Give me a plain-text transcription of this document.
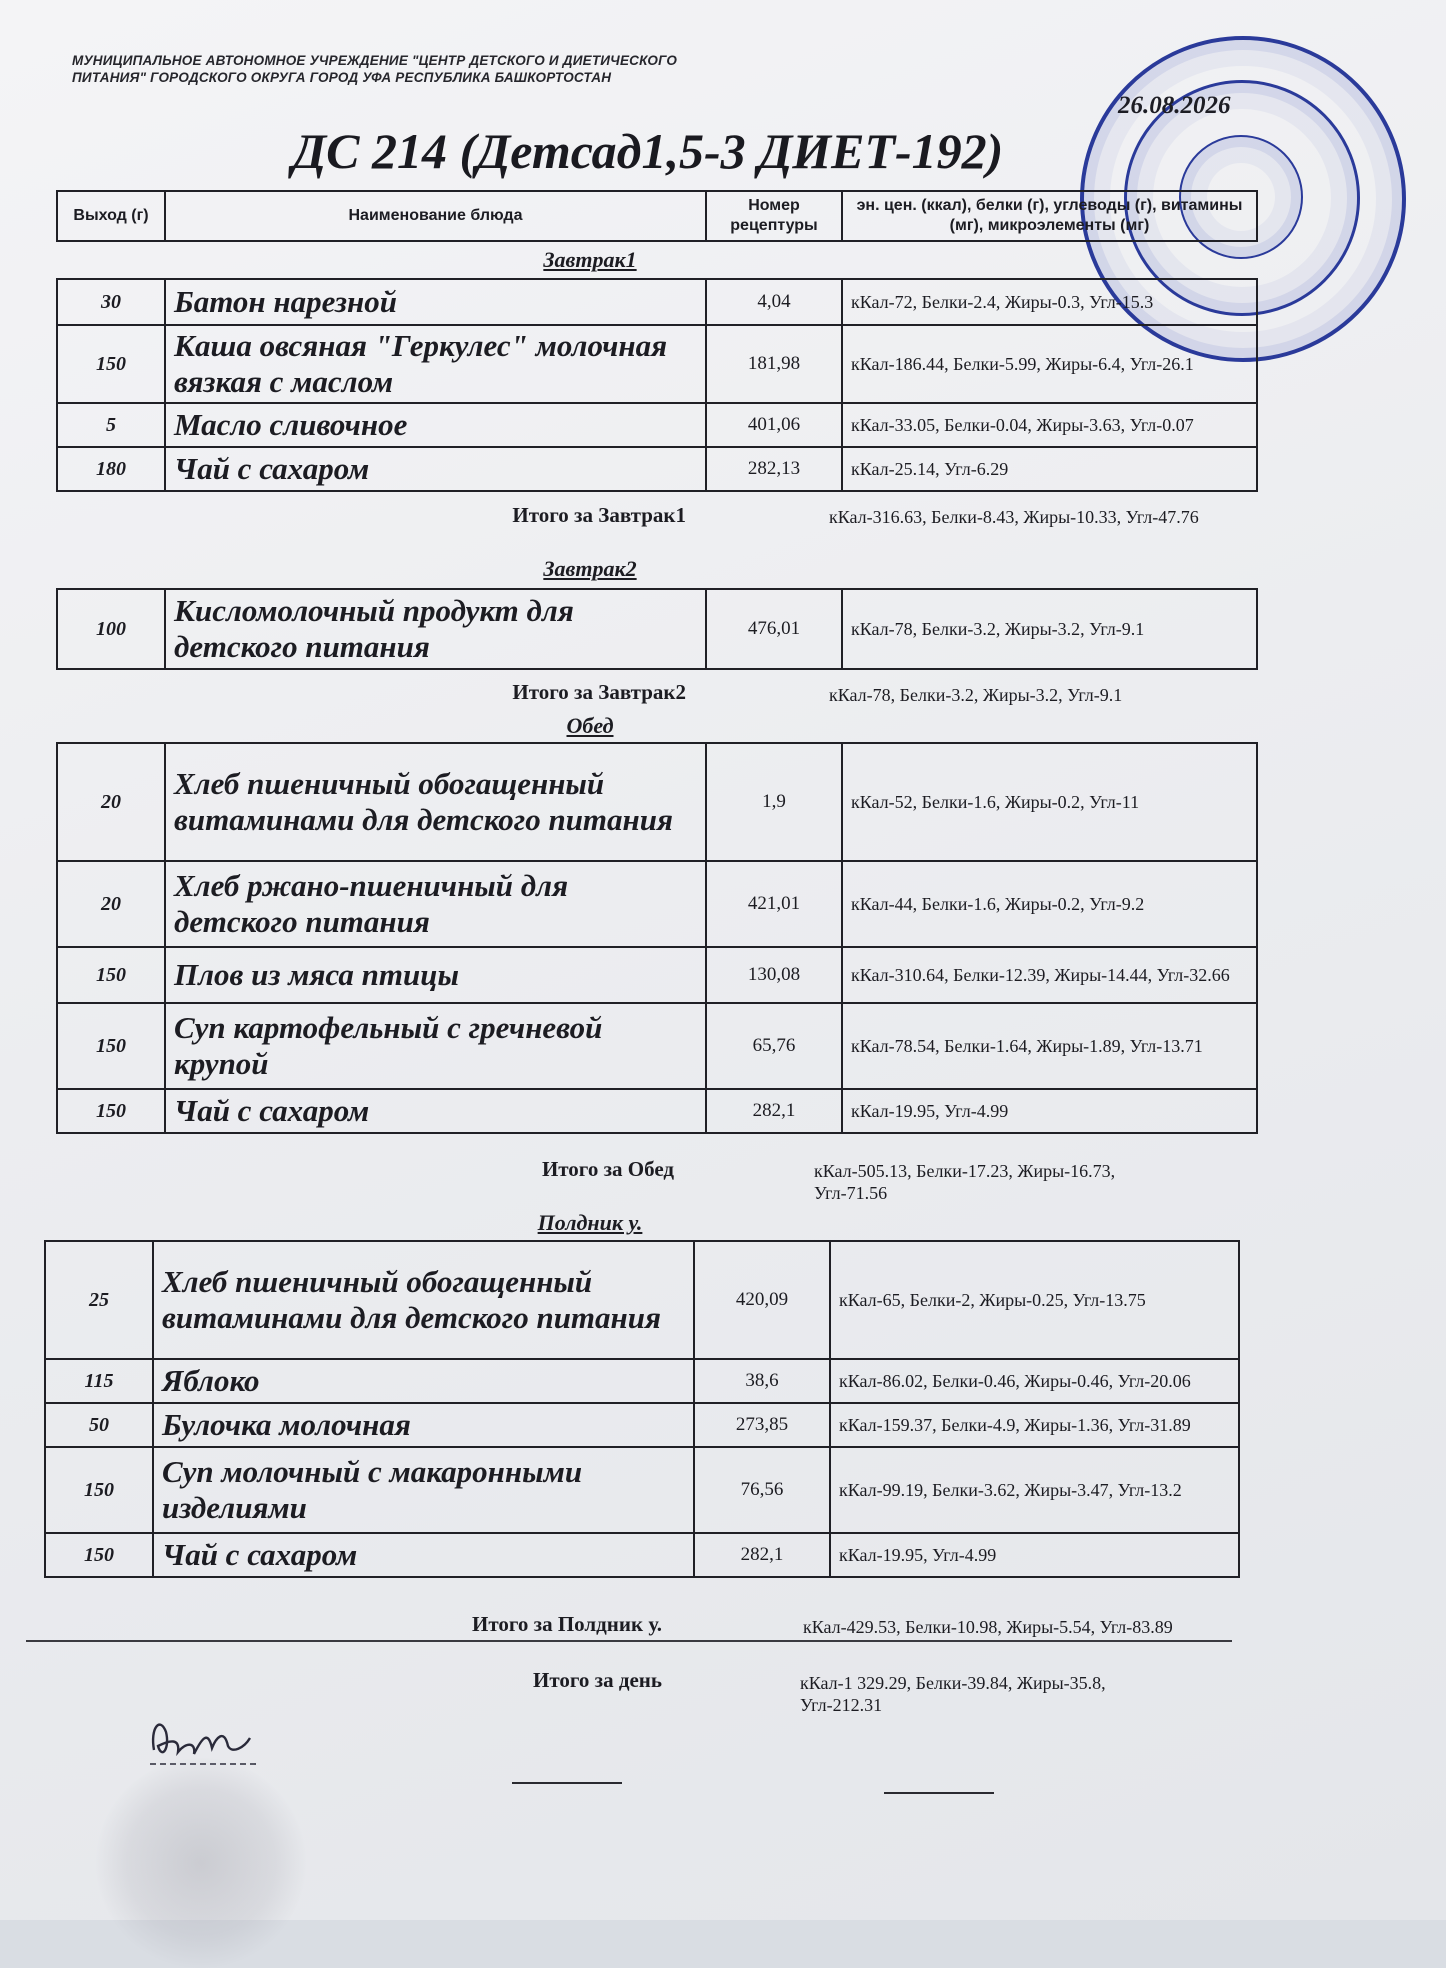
МУНИЦИПАЛЬНОЕ АВТОНОМНОЕ УЧРЕЖДЕНИЕ "ЦЕНТР ДЕТСКОГО И ДИЕТИЧЕСКОГО ПИТАНИЯ" ГОРОДСКОГО ОКРУГА ГОРОД УФА РЕСПУБЛИКА БАШКОРТОСТАН
26.08.2026
ДС 214 (Детсад1,5-3 ДИЕТ-192)
Выход (г)	Наименование блюда	Номер рецептуры	эн. цен. (ккал), белки (г), углеводы (г), витамины (мг), микроэлементы (мг)
Завтрак1
30	Батон нарезной	4,04	кКал-72, Белки-2.4, Жиры-0.3, Угл-15.3
150	Каша овсяная "Геркулес" молочная вязкая с маслом	181,98	кКал-186.44, Белки-5.99, Жиры-6.4, Угл-26.1
5	Масло сливочное	401,06	кКал-33.05, Белки-0.04, Жиры-3.63, Угл-0.07
180	Чай с сахаром	282,13	кКал-25.14, Угл-6.29
Итого за Завтрак1	кКал-316.63, Белки-8.43, Жиры-10.33, Угл-47.76
Завтрак2
100	Кисломолочный продукт для детского питания	476,01	кКал-78, Белки-3.2, Жиры-3.2, Угл-9.1
Итого за Завтрак2	кКал-78, Белки-3.2, Жиры-3.2, Угл-9.1
Обед
20	Хлеб пшеничный обогащенный витаминами для детского питания	1,9	кКал-52, Белки-1.6, Жиры-0.2, Угл-11
20	Хлеб ржано-пшеничный для детского питания	421,01	кКал-44, Белки-1.6, Жиры-0.2, Угл-9.2
150	Плов из мяса птицы	130,08	кКал-310.64, Белки-12.39, Жиры-14.44, Угл-32.66
150	Суп картофельный с гречневой крупой	65,76	кКал-78.54, Белки-1.64, Жиры-1.89, Угл-13.71
150	Чай с сахаром	282,1	кКал-19.95, Угл-4.99
Итого за Обед	кКал-505.13, Белки-17.23, Жиры-16.73, Угл-71.56
Полдник у.
25	Хлеб пшеничный обогащенный витаминами для детского питания	420,09	кКал-65, Белки-2, Жиры-0.25, Угл-13.75
115	Яблоко	38,6	кКал-86.02, Белки-0.46, Жиры-0.46, Угл-20.06
50	Булочка молочная	273,85	кКал-159.37, Белки-4.9, Жиры-1.36, Угл-31.89
150	Суп молочный с макаронными изделиями	76,56	кКал-99.19, Белки-3.62, Жиры-3.47, Угл-13.2
150	Чай с сахаром	282,1	кКал-19.95, Угл-4.99
Итого за Полдник у.	кКал-429.53, Белки-10.98, Жиры-5.54, Угл-83.89
Итого за день	кКал-1 329.29, Белки-39.84, Жиры-35.8, Угл-212.31
